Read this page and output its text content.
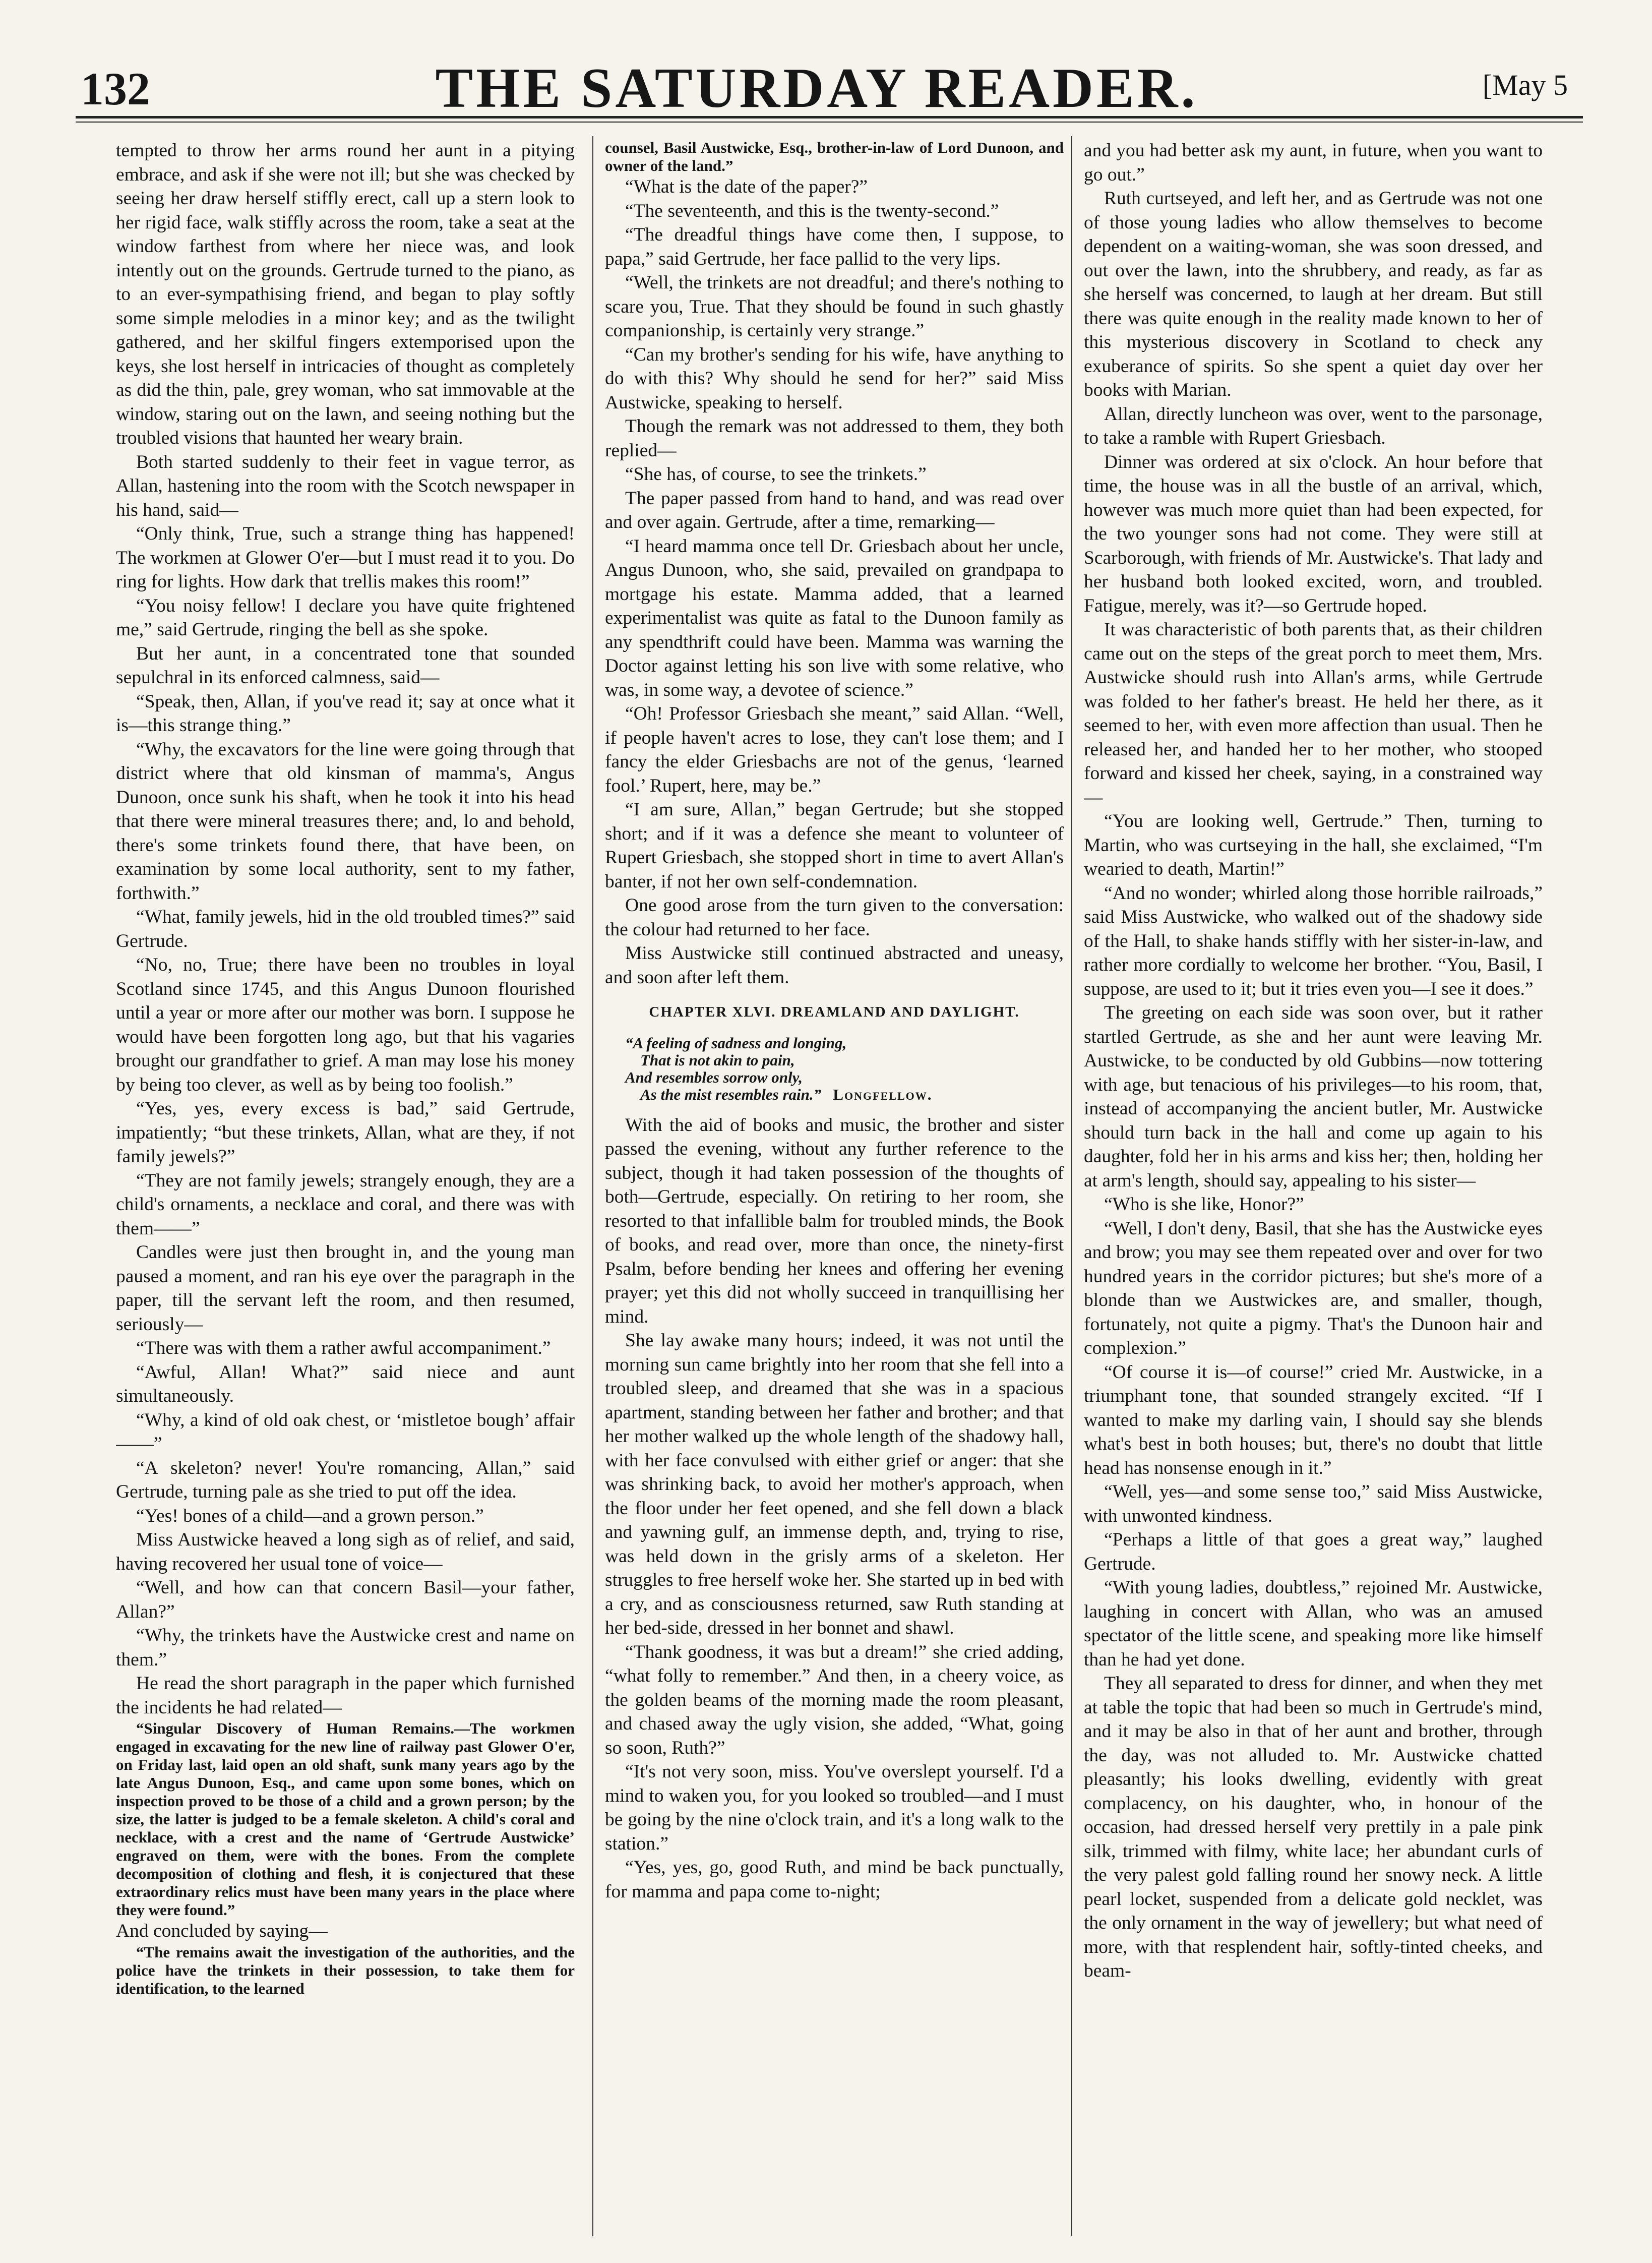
132	THE SATURDAY READER.	[May 5

tempted to throw her arms round her aunt in a pitying embrace, and ask if she were not ill; but she was checked by seeing her draw herself stiffly erect, call up a stern look to her rigid face, walk stiffly across the room, take a seat at the window farthest from where her niece was, and look intently out on the grounds. Gertrude turned to the piano, as to an ever-sympathising friend, and began to play softly some simple melodies in a minor key; and as the twilight gathered, and her skilful fingers extemporised upon the keys, she lost herself in intricacies of thought as completely as did the thin, pale, grey woman, who sat immovable at the window, staring out on the lawn, and seeing nothing but the troubled visions that haunted her weary brain.

Both started suddenly to their feet in vague terror, as Allan, hastening into the room with the Scotch newspaper in his hand, said—

“Only think, True, such a strange thing has happened! The workmen at Glower O'er—but I must read it to you. Do ring for lights. How dark that trellis makes this room!”

“You noisy fellow! I declare you have quite frightened me,” said Gertrude, ringing the bell as she spoke.

But her aunt, in a concentrated tone that sounded sepulchral in its enforced calmness, said—

“Speak, then, Allan, if you've read it; say at once what it is—this strange thing.”

“Why, the excavators for the line were going through that district where that old kinsman of mamma's, Angus Dunoon, once sunk his shaft, when he took it into his head that there were mineral treasures there; and, lo and behold, there's some trinkets found there, that have been, on examination by some local authority, sent to my father, forthwith.”

“What, family jewels, hid in the old troubled times?” said Gertrude.

“No, no, True; there have been no troubles in loyal Scotland since 1745, and this Angus Dunoon flourished until a year or more after our mother was born. I suppose he would have been forgotten long ago, but that his vagaries brought our grandfather to grief. A man may lose his money by being too clever, as well as by being too foolish.”

“Yes, yes, every excess is bad,” said Gertrude, impatiently; “but these trinkets, Allan, what are they, if not family jewels?”

“They are not family jewels; strangely enough, they are a child's ornaments, a necklace and coral, and there was with them——”

Candles were just then brought in, and the young man paused a moment, and ran his eye over the paragraph in the paper, till the servant left the room, and then resumed, seriously—

“There was with them a rather awful accompaniment.”

“Awful, Allan! What?” said niece and aunt simultaneously.

“Why, a kind of old oak chest, or ‘mistletoe bough’ affair——”

“A skeleton? never! You're romancing, Allan,” said Gertrude, turning pale as she tried to put off the idea.

“Yes! bones of a child—and a grown person.”

Miss Austwicke heaved a long sigh as of relief, and said, having recovered her usual tone of voice—

“Well, and how can that concern Basil—your father, Allan?”

“Why, the trinkets have the Austwicke crest and name on them.”

He read the short paragraph in the paper which furnished the incidents he had related—

“Singular Discovery of Human Remains.—The workmen engaged in excavating for the new line of railway past Glower O'er, on Friday last, laid open an old shaft, sunk many years ago by the late Angus Dunoon, Esq., and came upon some bones, which on inspection proved to be those of a child and a grown person; by the size, the latter is judged to be a female skeleton. A child's coral and necklace, with a crest and the name of ‘Gertrude Austwicke’ engraved on them, were with the bones. From the complete decomposition of clothing and flesh, it is conjectured that these extraordinary relics must have been many years in the place where they were found.”

And concluded by saying—

“The remains await the investigation of the authorities, and the police have the trinkets in their possession, to take them for identification, to the learned

counsel, Basil Austwicke, Esq., brother-in-law of Lord Dunoon, and owner of the land.”

“What is the date of the paper?”

“The seventeenth, and this is the twenty-second.”

“The dreadful things have come then, I suppose, to papa,” said Gertrude, her face pallid to the very lips.

“Well, the trinkets are not dreadful; and there's nothing to scare you, True. That they should be found in such ghastly companionship, is certainly very strange.”

“Can my brother's sending for his wife, have anything to do with this? Why should he send for her?” said Miss Austwicke, speaking to herself.

Though the remark was not addressed to them, they both replied—

“She has, of course, to see the trinkets.”

The paper passed from hand to hand, and was read over and over again. Gertrude, after a time, remarking—

“I heard mamma once tell Dr. Griesbach about her uncle, Angus Dunoon, who, she said, prevailed on grandpapa to mortgage his estate. Mamma added, that a learned experimentalist was quite as fatal to the Dunoon family as any spendthrift could have been. Mamma was warning the Doctor against letting his son live with some relative, who was, in some way, a devotee of science.”

“Oh! Professor Griesbach she meant,” said Allan. “Well, if people haven't acres to lose, they can't lose them; and I fancy the elder Griesbachs are not of the genus, ‘learned fool.’ Rupert, here, may be.”

“I am sure, Allan,” began Gertrude; but she stopped short; and if it was a defence she meant to volunteer of Rupert Griesbach, she stopped short in time to avert Allan's banter, if not her own self-condemnation.

One good arose from the turn given to the conversation: the colour had returned to her face.

Miss Austwicke still continued abstracted and uneasy, and soon after left them.

CHAPTER XLVI. DREAMLAND AND DAYLIGHT.
“A feeling of sadness and longing,
That is not akin to pain,
And resembles sorrow only,
As the mist resembles rain.” Longfellow.

With the aid of books and music, the brother and sister passed the evening, without any further reference to the subject, though it had taken possession of the thoughts of both—Gertrude, especially. On retiring to her room, she resorted to that infallible balm for troubled minds, the Book of books, and read over, more than once, the ninety-first Psalm, before bending her knees and offering her evening prayer; yet this did not wholly succeed in tranquillising her mind.

She lay awake many hours; indeed, it was not until the morning sun came brightly into her room that she fell into a troubled sleep, and dreamed that she was in a spacious apartment, standing between her father and brother; and that her mother walked up the whole length of the shadowy hall, with her face convulsed with either grief or anger: that she was shrinking back, to avoid her mother's approach, when the floor under her feet opened, and she fell down a black and yawning gulf, an immense depth, and, trying to rise, was held down in the grisly arms of a skeleton. Her struggles to free herself woke her. She started up in bed with a cry, and as consciousness returned, saw Ruth standing at her bed-side, dressed in her bonnet and shawl.

“Thank goodness, it was but a dream!” she cried adding, “what folly to remember.” And then, in a cheery voice, as the golden beams of the morning made the room pleasant, and chased away the ugly vision, she added, “What, going so soon, Ruth?”

“It's not very soon, miss. You've overslept yourself. I'd a mind to waken you, for you looked so troubled—and I must be going by the nine o'clock train, and it's a long walk to the station.”

“Yes, yes, go, good Ruth, and mind be back punctually, for mamma and papa come to-night;

and you had better ask my aunt, in future, when you want to go out.”

Ruth curtseyed, and left her, and as Gertrude was not one of those young ladies who allow themselves to become dependent on a waiting-woman, she was soon dressed, and out over the lawn, into the shrubbery, and ready, as far as she herself was concerned, to laugh at her dream. But still there was quite enough in the reality made known to her of this mysterious discovery in Scotland to check any exuberance of spirits. So she spent a quiet day over her books with Marian.

Allan, directly luncheon was over, went to the parsonage, to take a ramble with Rupert Griesbach.

Dinner was ordered at six o'clock. An hour before that time, the house was in all the bustle of an arrival, which, however was much more quiet than had been expected, for the two younger sons had not come. They were still at Scarborough, with friends of Mr. Austwicke's. That lady and her husband both looked excited, worn, and troubled. Fatigue, merely, was it?—so Gertrude hoped.

It was characteristic of both parents that, as their children came out on the steps of the great porch to meet them, Mrs. Austwicke should rush into Allan's arms, while Gertrude was folded to her father's breast. He held her there, as it seemed to her, with even more affection than usual. Then he released her, and handed her to her mother, who stooped forward and kissed her cheek, saying, in a constrained way—

“You are looking well, Gertrude.” Then, turning to Martin, who was curtseying in the hall, she exclaimed, “I'm wearied to death, Martin!”

“And no wonder; whirled along those horrible railroads,” said Miss Austwicke, who walked out of the shadowy side of the Hall, to shake hands stiffly with her sister-in-law, and rather more cordially to welcome her brother. “You, Basil, I suppose, are used to it; but it tries even you—I see it does.”

The greeting on each side was soon over, but it rather startled Gertrude, as she and her aunt were leaving Mr. Austwicke, to be conducted by old Gubbins—now tottering with age, but tenacious of his privileges—to his room, that, instead of accompanying the ancient butler, Mr. Austwicke should turn back in the hall and come up again to his daughter, fold her in his arms and kiss her; then, holding her at arm's length, should say, appealing to his sister—

“Who is she like, Honor?”

“Well, I don't deny, Basil, that she has the Austwicke eyes and brow; you may see them repeated over and over for two hundred years in the corridor pictures; but she's more of a blonde than we Austwickes are, and smaller, though, fortunately, not quite a pigmy. That's the Dunoon hair and complexion.”

“Of course it is—of course!” cried Mr. Austwicke, in a triumphant tone, that sounded strangely excited. “If I wanted to make my darling vain, I should say she blends what's best in both houses; but, there's no doubt that little head has nonsense enough in it.”

“Well, yes—and some sense too,” said Miss Austwicke, with unwonted kindness.

“Perhaps a little of that goes a great way,” laughed Gertrude.

“With young ladies, doubtless,” rejoined Mr. Austwicke, laughing in concert with Allan, who was an amused spectator of the little scene, and speaking more like himself than he had yet done.

They all separated to dress for dinner, and when they met at table the topic that had been so much in Gertrude's mind, and it may be also in that of her aunt and brother, through the day, was not alluded to. Mr. Austwicke chatted pleasantly; his looks dwelling, evidently with great complacency, on his daughter, who, in honour of the occasion, had dressed herself very prettily in a pale pink silk, trimmed with filmy, white lace; her abundant curls of the very palest gold falling round her snowy neck. A little pearl locket, suspended from a delicate gold necklet, was the only ornament in the way of jewellery; but what need of more, with that resplendent hair, softly-tinted cheeks, and beam-
